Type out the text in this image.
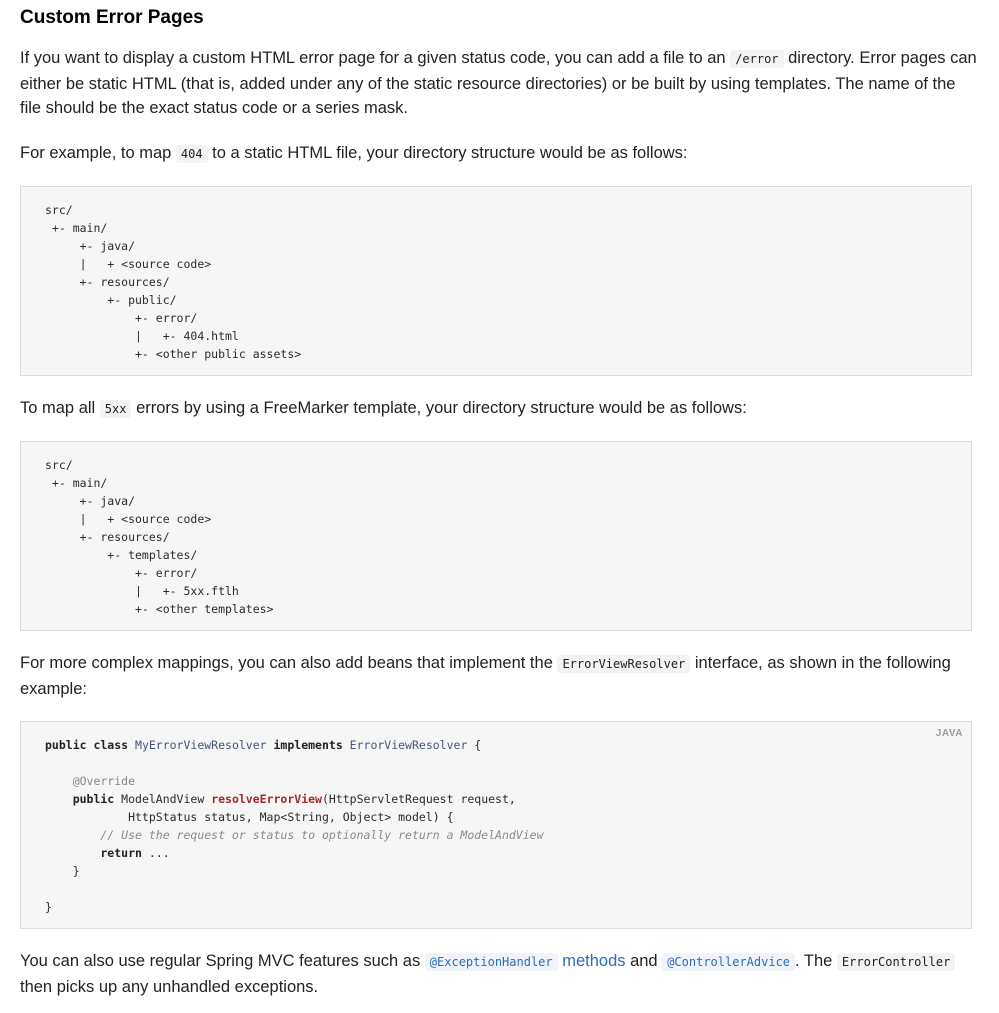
Custom Error Pages

If you want to display a custom HTML error page for a given status code, you can add a file to an /error directory. Error pages can either be static HTML (that is, added under any of the static resource directories) or be built by using templates. The name of the file should be the exact status code or a series mask.

For example, to map 404 to a static HTML file, your directory structure would be as follows:

src/
+- main/
+- java/
|   + <source code>
+- resources/
+- public/
+- error/
|   +- 404.html
+- <other public assets>

To map all 5xx errors by using a FreeMarker template, your directory structure would be as follows:

src/
+- main/
+- java/
|   + <source code>
+- resources/
+- templates/
+- error/
|   +- 5xx.ftlh
+- <other templates>

For more complex mappings, you can also add beans that implement the ErrorViewResolver interface, as shown in the following example:

JAVA
public class MyErrorViewResolver implements ErrorViewResolver {

@Override
public ModelAndView resolveErrorView(HttpServletRequest request,
HttpStatus status, Map<String, Object> model) {
// Use the request or status to optionally return a ModelAndView
return ...
}

}

You can also use regular Spring MVC features such as @ExceptionHandler methods and @ControllerAdvice . The ErrorController then picks up any unhandled exceptions.
